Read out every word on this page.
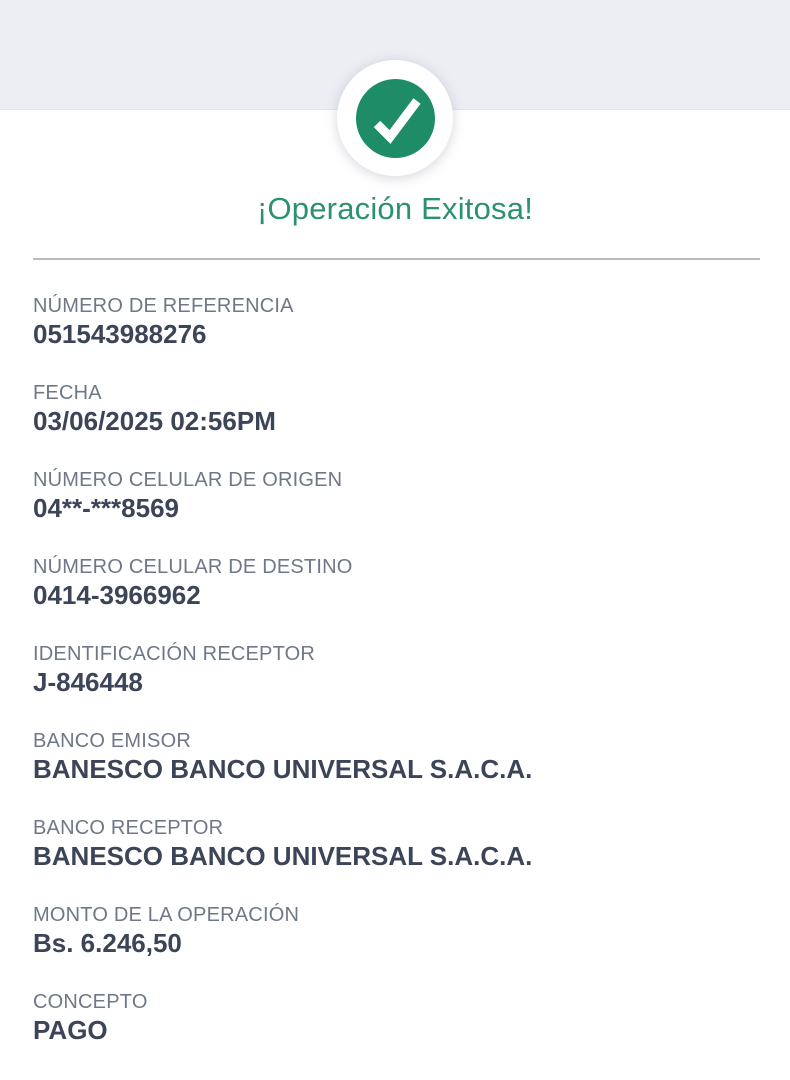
¡Operación Exitosa!
NÚMERO DE REFERENCIA
051543988276
FECHA
03/06/2025 02:56PM
NÚMERO CELULAR DE ORIGEN
04**-***8569
NÚMERO CELULAR DE DESTINO
0414-3966962
IDENTIFICACIÓN RECEPTOR
J-846448
BANCO EMISOR
BANESCO BANCO UNIVERSAL S.A.C.A.
BANCO RECEPTOR
BANESCO BANCO UNIVERSAL S.A.C.A.
MONTO DE LA OPERACIÓN
Bs. 6.246,50
CONCEPTO
PAGO
